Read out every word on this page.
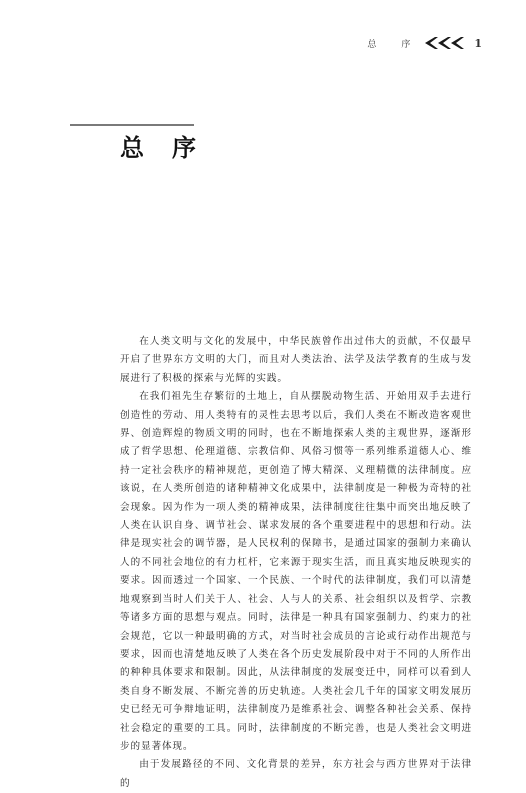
总　序	1
总序

在人类文明与文化的发展中，中华民族曾作出过伟大的贡献，不仅最早开启了世界东方文明的大门，而且对人类法治、法学及法学教育的生成与发展进行了积极的探索与光辉的实践。

在我们祖先生存繁衍的土地上，自从摆脱动物生活、开始用双手去进行创造性的劳动、用人类特有的灵性去思考以后，我们人类在不断改造客观世界、创造辉煌的物质文明的同时，也在不断地探索人类的主观世界，逐渐形成了哲学思想、伦理道德、宗教信仰、风俗习惯等一系列维系道德人心、维持一定社会秩序的精神规范，更创造了博大精深、义理精微的法律制度。应该说，在人类所创造的诸种精神文化成果中，法律制度是一种极为奇特的社会现象。因为作为一项人类的精神成果，法律制度往往集中而突出地反映了人类在认识自身、调节社会、谋求发展的各个重要进程中的思想和行动。法律是现实社会的调节器，是人民权利的保障书，是通过国家的强制力来确认人的不同社会地位的有力杠杆，它来源于现实生活，而且真实地反映现实的要求。因而透过一个国家、一个民族、一个时代的法律制度，我们可以清楚地观察到当时人们关于人、社会、人与人的关系、社会组织以及哲学、宗教等诸多方面的思想与观点。同时，法律是一种具有国家强制力、约束力的社会规范，它以一种最明确的方式，对当时社会成员的言论或行动作出规范与要求，因而也清楚地反映了人类在各个历史发展阶段中对于不同的人所作出的种种具体要求和限制。因此，从法律制度的发展变迁中，同样可以看到人类自身不断发展、不断完善的历史轨迹。人类社会几千年的国家文明发展历史已经无可争辩地证明，法律制度乃是维系社会、调整各种社会关系、保持社会稳定的重要的工具。同时，法律制度的不断完善，也是人类社会文明进步的显著体现。

由于发展路径的不同、文化背景的差异，东方社会与西方世界对于法律的
